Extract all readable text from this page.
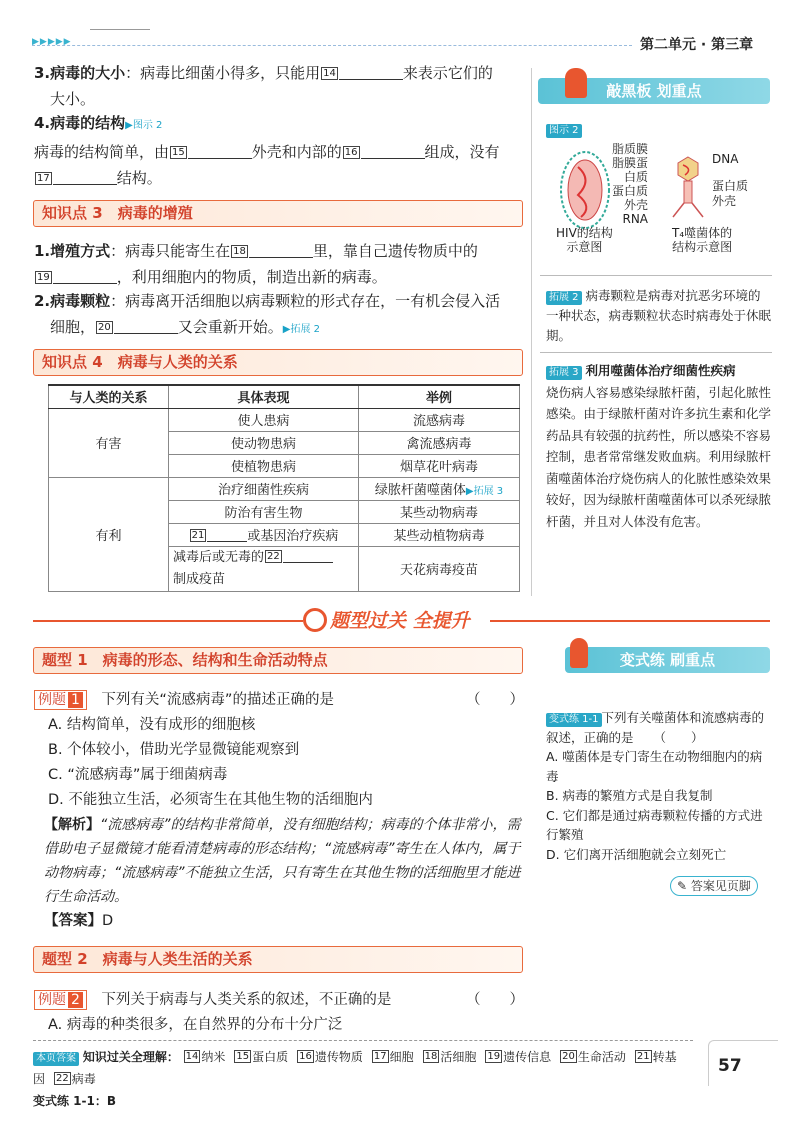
▶▶▶▶▶	第二单元 · 第三章
3.病毒的大小：病毒比细菌小得多，只能用 14	来表示它们的
大小。
4.病毒的结构▶图示 2
病毒的结构简单，由 15	外壳和内部的 16	组成，没有
17	结构。
知识点 3　 病毒的增殖
1.增殖方式：病毒只能寄生在 18	里，靠自己遗传物质中的
19	，利用细胞内的物质，制造出新的病毒。
2.病毒颗粒：病毒离开活细胞以病毒颗粒的形式存在，一有机会侵入活
细胞， 20	又会重新开始。▶拓展 2
知识点 4　 病毒与人类的关系
与人类的关系	具体表现	举例
有害	使人患病	流感病毒
	使动物患病	禽流感病毒
	使植物患病	烟草花叶病毒
有利	治疗细菌性疾病	绿脓杆菌噬菌体▶拓展 3
	防治有害生物	某些动物病毒
	21 或基因治疗疾病	某些动植物病毒
	减毒后或无毒的 22
制成疫苗	天花病毒疫苗
敲黑板 划重点
图示 2
脂质膜
脂膜蛋
白质
蛋白质
外壳
RNA
HIV的结构
示意图
DNA
蛋白质
外壳
T₄噬菌体的
结构示意图
拓展 2 病毒颗粒是病毒对抗恶劣环境的一种状态，病毒颗粒状态时病毒处于休眠期。
拓展 3 利用噬菌体治疗细菌性疾病
烧伤病人容易感染绿脓杆菌，引起化脓性感染。由于绿脓杆菌对许多抗生素和化学药品具有较强的抗药性，所以感染不容易控制，患者常常继发败血病。利用绿脓杆菌噬菌体治疗烧伤病人的化脓性感染效果较好，因为绿脓杆菌噬菌体可以杀死绿脓杆菌，并且对人体没有危害。
题型过关 全提升
题型 1　病毒的形态、结构和生命活动特点	变式练 刷重点
例题 1　 下列有关“流感病毒”的描述正确的是	（　　）
A. 结构简单，没有成形的细胞核
B. 个体较小，借助光学显微镜能观察到
C. “流感病毒”属于细菌病毒
D. 不能独立生活，必须寄生在其他生物的活细胞内
【解析】“流感病毒”的结构非常简单，没有细胞结构；病毒的个体非常小，需借助电子显微镜才能看清楚病毒的形态结构；“流感病毒”寄生在人体内，属于动物病毒；“流感病毒”不能独立生活，只有寄生在其他生物的活细胞里才能进行生命活动。
【答案】D
变式练 1-1 下列有关噬菌体和流感病毒的叙述，正确的是 （　　）
A. 噬菌体是专门寄生在动物细胞内的病毒
B. 病毒的繁殖方式是自我复制
C. 它们都是通过病毒颗粒传播的方式进行繁殖
D. 它们离开活细胞就会立刻死亡
✎ 答案见页脚
题型 2　病毒与人类生活的关系
例题 2　 下列关于病毒与人类关系的叙述，不正确的是	（　　）
A. 病毒的种类很多，在自然界的分布十分广泛
本页答案 知识过关全理解： 14 纳米 15 蛋白质 16 遗传物质 17 细胞 18 活细胞 19 遗传信息 20 生命活动 21 转基因 22 病毒
变式练 1-1：B
57
